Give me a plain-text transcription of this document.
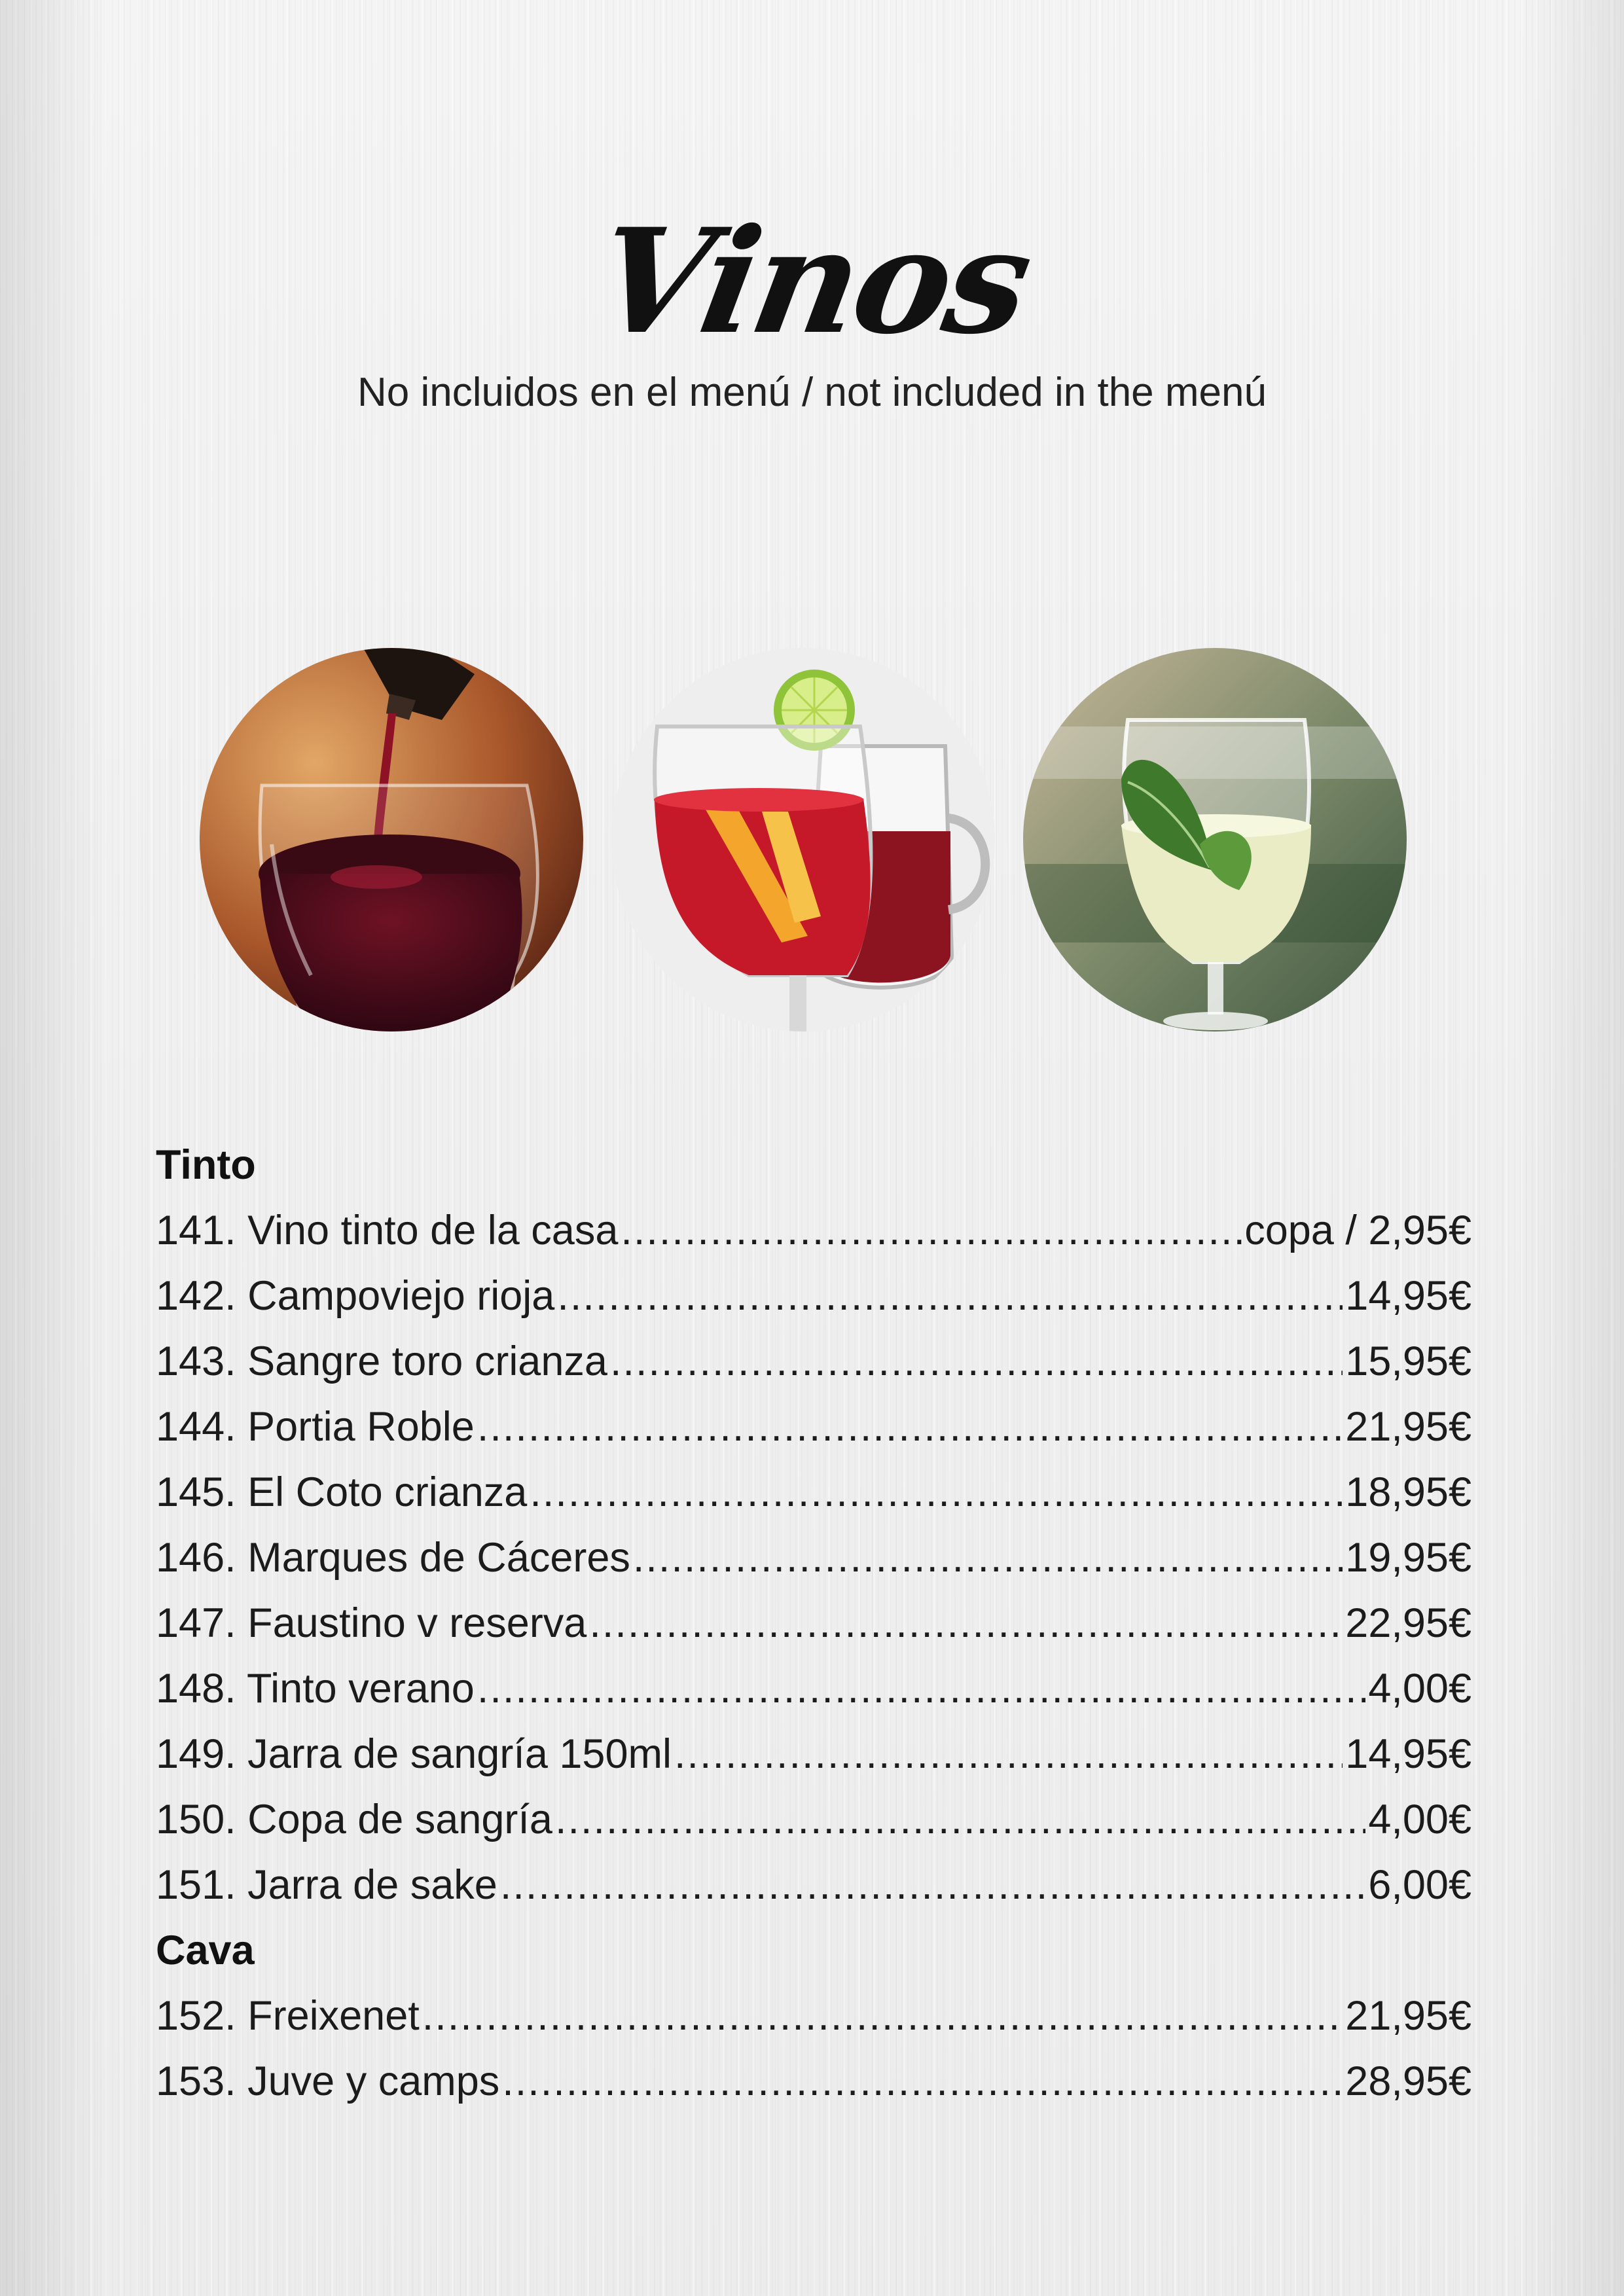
Vinos
No incluidos en el menú / not included in the menú
Tinto
141. Vino tinto de la casa .....	copa / 2,95€
142. Campoviejo rioja .....	14,95€
143. Sangre toro crianza .....	15,95€
144. Portia Roble .....	21,95€
145. El Coto crianza .....	18,95€
146. Marques de Cáceres .....	19,95€
147. Faustino v reserva .....	22,95€
148. Tinto verano .....	4,00€
149. Jarra de sangría 150ml .....	14,95€
150. Copa de sangría .....	4,00€
151. Jarra de sake .....	6,00€
Cava
152. Freixenet .....	21,95€
153. Juve y camps .....	28,95€
